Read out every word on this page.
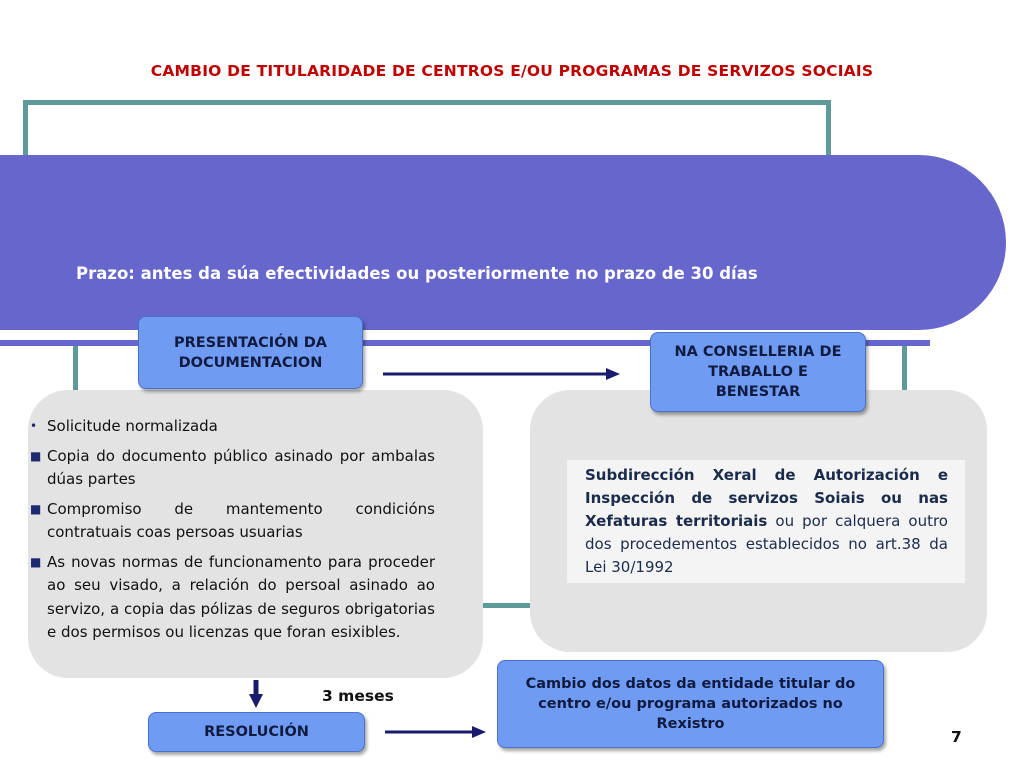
CAMBIO DE TITULARIDADE DE CENTROS E/OU PROGRAMAS DE SERVIZOS SOCIAIS
Prazo: antes da súa efectividades ou posteriormente no prazo de 30 días
PRESENTACIÓN DA DOCUMENTACION
NA CONSELLERIA DE TRABALLO E BENESTAR
RESOLUCIÓN
Cambio dos datos da entidade titular do centro e/ou programa autorizados no Rexistro
• Solicitude normalizada
■ Copia do documento público asinado por ambalas dúas partes
■ Compromiso de mantemento condicións contratuais coas persoas usuarias
■ As novas normas de funcionamento para proceder ao seu visado, a relación do persoal asinado ao servizo, a copia das pólizas de seguros obrigatorias e dos permisos ou licenzas que foran esixibles.
Subdirección Xeral de Autorización e Inspección de servizos Soiais ou nas Xefaturas territoriais ou por calquera outro dos procedementos establecidos no art.38 da Lei 30/1992
3 meses
7
